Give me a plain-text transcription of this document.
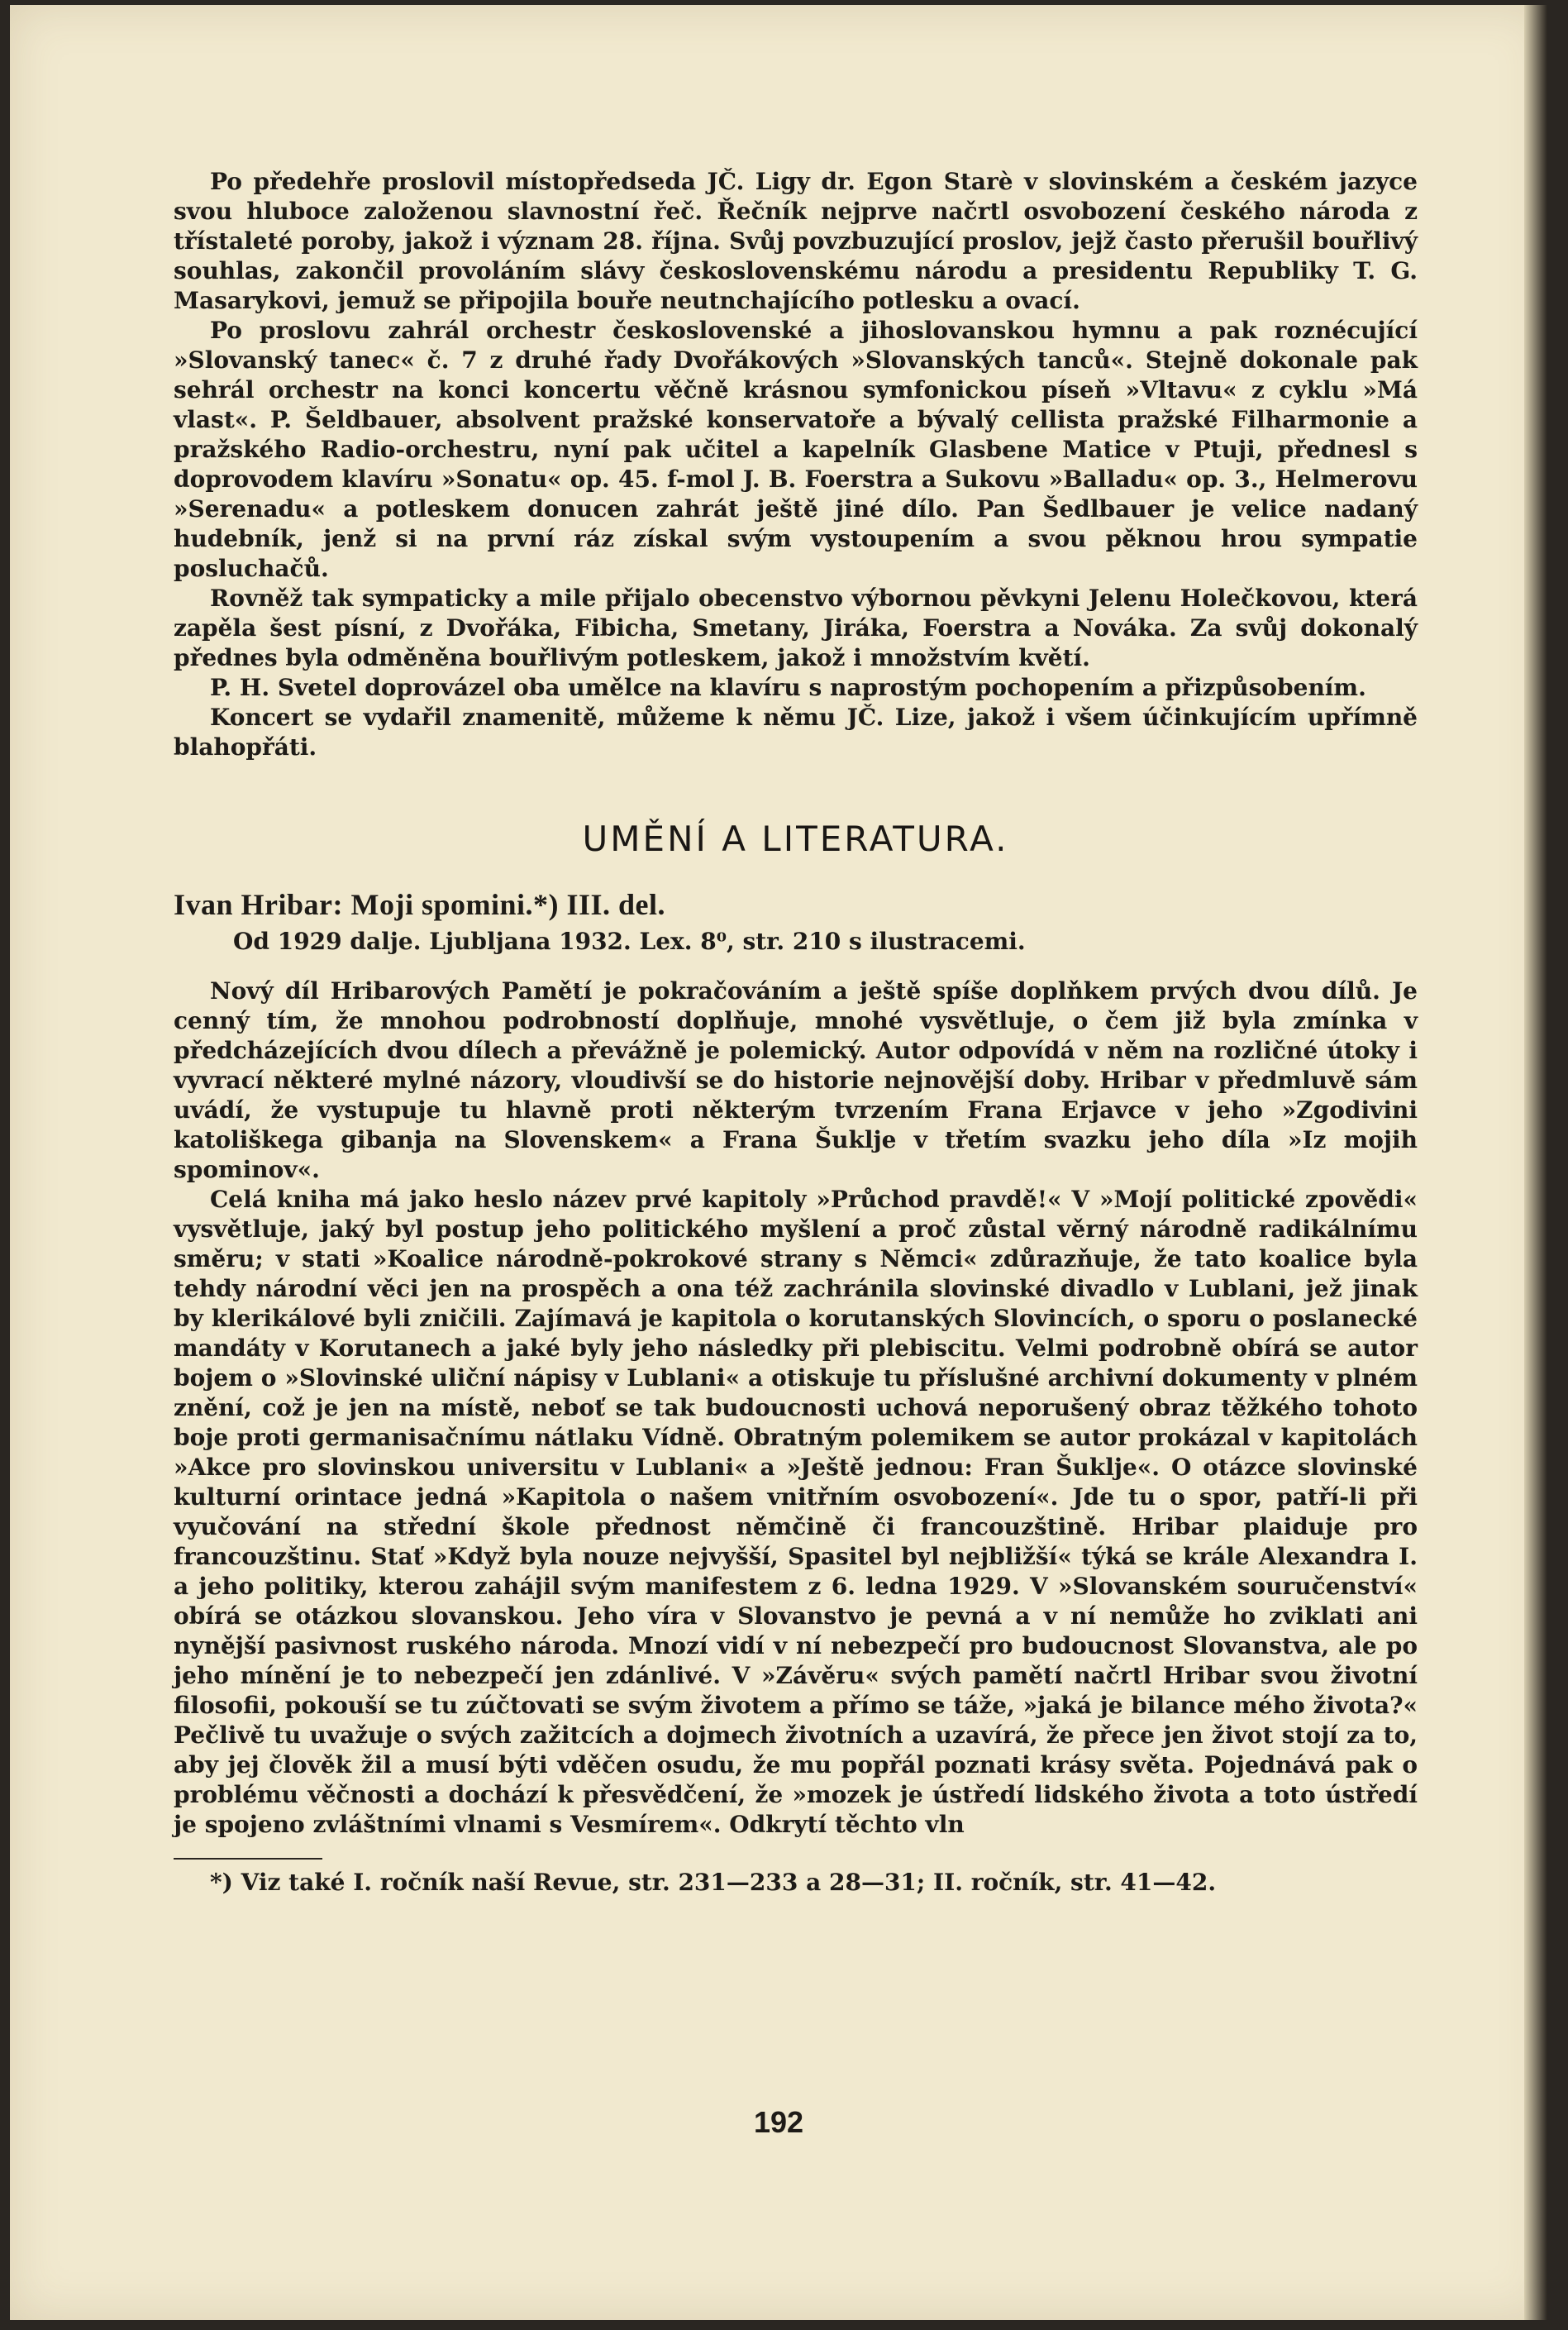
Po předehře proslovil místopředseda JČ. Ligy dr. Egon Starè v slovinském a českém jazyce svou hluboce založenou slavnostní řeč. Řečník nejprve načrtl osvobození českého národa z třístaleté poroby, jakož i význam 28. října. Svůj povzbuzující proslov, jejž často přerušil bouřlivý souhlas, zakončil provoláním slávy československému národu a presidentu Republiky T. G. Masarykovi, jemuž se připojila bouře neutnchajícího potlesku a ovací.

Po proslovu zahrál orchestr československé a jihoslovanskou hymnu a pak roznécující »Slovanský tanec« č. 7 z druhé řady Dvořákových »Slovanských tanců«. Stejně dokonale pak sehrál orchestr na konci koncertu věčně krásnou symfonickou píseň »Vltavu« z cyklu »Má vlast«. P. Šeldbauer, absolvent pražské konservatoře a bývalý cellista pražské Filharmonie a pražského Radio-orchestru, nyní pak učitel a kapelník Glasbene Matice v Ptuji, přednesl s doprovodem klavíru »Sonatu« op. 45. f-mol J. B. Foerstra a Sukovu »Balladu« op. 3., Helmerovu »Serenadu« a potleskem donucen zahrát ještě jiné dílo. Pan Šedlbauer je velice nadaný hudebník, jenž si na první ráz získal svým vystoupením a svou pěknou hrou sympatie posluchačů.

Rovněž tak sympaticky a mile přijalo obecenstvo výbornou pěvkyni Jelenu Holečkovou, která zapěla šest písní, z Dvořáka, Fibicha, Smetany, Jiráka, Foerstra a Nováka. Za svůj dokonalý přednes byla odměněna bouřlivým potleskem, jakož i množstvím květí.

P. H. Svetel doprovázel oba umělce na klavíru s naprostým pochopením a přizpůsobením.

Koncert se vydařil znamenitě, můžeme k němu JČ. Lize, jakož i všem účinkujícím upřímně blahopřáti.

UMĚNÍ A LITERATURA.
Ivan Hribar: Moji spomini.*) III. del.

Od 1929 dalje. Ljubljana 1932. Lex. 8⁰, str. 210 s ilustracemi.

Nový díl Hribarových Pamětí je pokračováním a ještě spíše doplňkem prvých dvou dílů. Je cenný tím, že mnohou podrobností doplňuje, mnohé vysvětluje, o čem již byla zmínka v předcházejících dvou dílech a převážně je polemický. Autor odpovídá v něm na rozličné útoky i vyvrací některé mylné názory, vloudivší se do historie nejnovější doby. Hribar v předmluvě sám uvádí, že vystupuje tu hlavně proti některým tvrzením Frana Erjavce v jeho »Zgodivini katoliškega gibanja na Slovenskem« a Frana Šuklje v třetím svazku jeho díla »Iz mojih spominov«.

Celá kniha má jako heslo název prvé kapitoly »Průchod pravdě!« V »Mojí politické zpovědi« vysvětluje, jaký byl postup jeho politického myšlení a proč zůstal věrný národně radikálnímu směru; v stati »Koalice národně-pokrokové strany s Němci« zdůrazňuje, že tato koalice byla tehdy národní věci jen na prospěch a ona též zachránila slovinské divadlo v Lublani, jež jinak by klerikálové byli zničili. Zajímavá je kapitola o korutanských Slovincích, o sporu o poslanecké mandáty v Korutanech a jaké byly jeho následky při plebiscitu. Velmi podrobně obírá se autor bojem o »Slovinské uliční nápisy v Lublani« a otiskuje tu příslušné archivní dokumenty v plném znění, což je jen na místě, neboť se tak budoucnosti uchová neporušený obraz těžkého tohoto boje proti germanisačnímu nátlaku Vídně. Obratným polemikem se autor prokázal v kapitolách »Akce pro slovinskou universitu v Lublani« a »Ještě jednou: Fran Šuklje«. O otázce slovinské kulturní orintace jedná »Kapitola o našem vnitřním osvobození«. Jde tu o spor, patří-li při vyučování na střední škole přednost němčině či francouzštině. Hribar plaiduje pro francouzštinu. Stať »Když byla nouze nejvyšší, Spasitel byl nejbližší« týká se krále Alexandra I. a jeho politiky, kterou zahájil svým manifestem z 6. ledna 1929. V »Slovanském souručenství« obírá se otázkou slovanskou. Jeho víra v Slovanstvo je pevná a v ní nemůže ho zviklati ani nynější pasivnost ruského národa. Mnozí vidí v ní nebezpečí pro budoucnost Slovanstva, ale po jeho mínění je to nebezpečí jen zdánlivé. V »Závěru« svých pamětí načrtl Hribar svou životní filosofii, pokouší se tu zúčtovati se svým životem a přímo se táže, »jaká je bilance mého života?« Pečlivě tu uvažuje o svých zažitcích a dojmech životních a uzavírá, že přece jen život stojí za to, aby jej člověk žil a musí býti vděčen osudu, že mu popřál poznati krásy světa. Pojednává pak o problému věčnosti a dochází k přesvědčení, že »mozek je ústředí lidského života a toto ústředí je spojeno zvláštními vlnami s Vesmírem«. Odkrytí těchto vln

*) Viz také I. ročník naší Revue, str. 231—233 a 28—31; II. ročník, str. 41—42.

192
